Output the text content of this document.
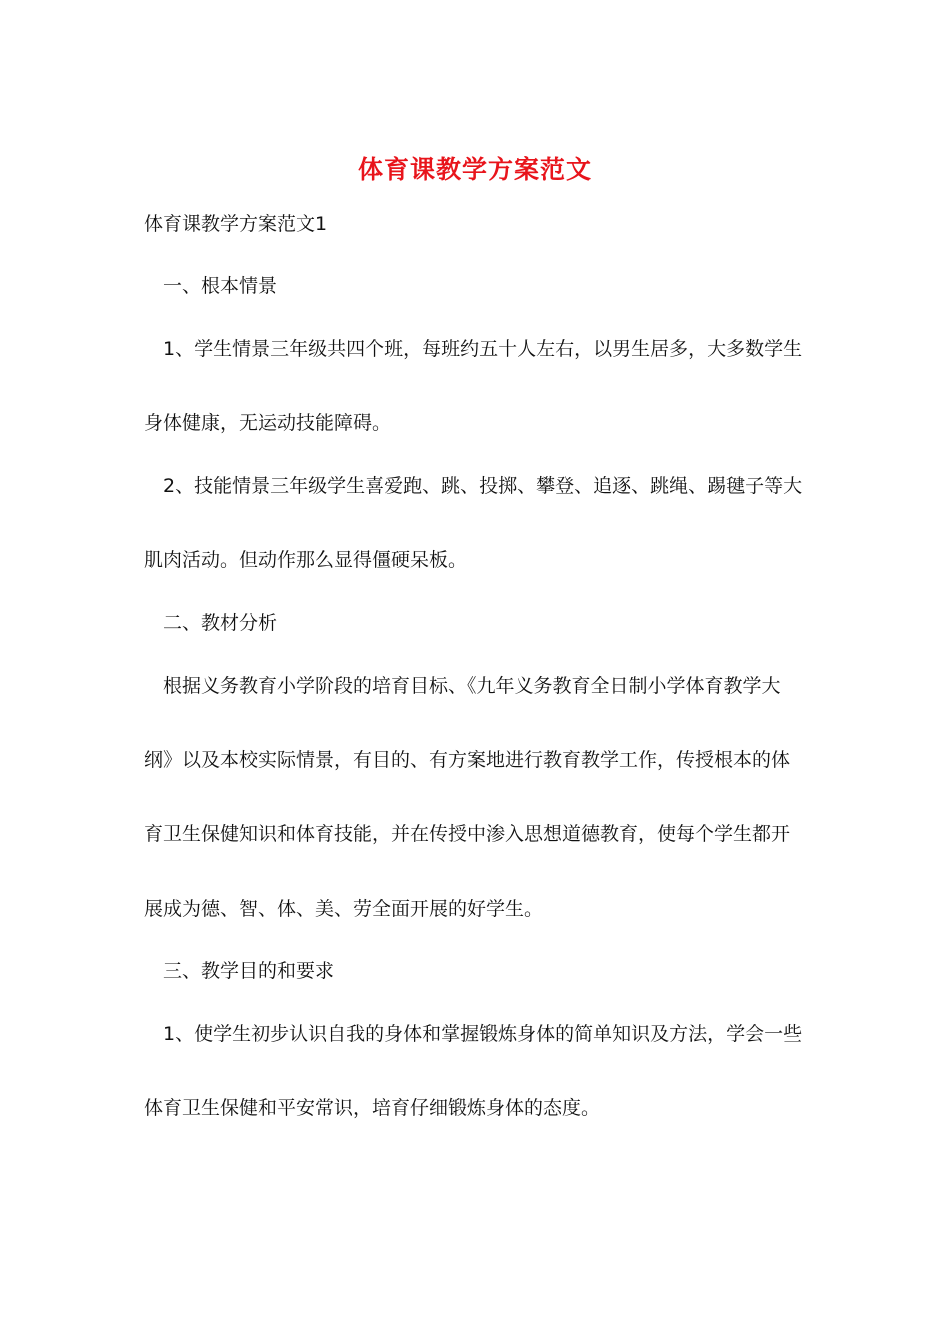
体育课教学方案范文
体育课教学方案范文1
一、根本情景
1、学生情景三年级共四个班，每班约五十人左右，以男生居多，大多数学生
身体健康，无运动技能障碍。
2、技能情景三年级学生喜爱跑、跳、投掷、攀登、追逐、跳绳、踢毽子等大
肌肉活动。但动作那么显得僵硬呆板。
二、教材分析
根据义务教育小学阶段的培育目标、《九年义务教育全日制小学体育教学大
纲》以及本校实际情景，有目的、有方案地进行教育教学工作，传授根本的体
育卫生保健知识和体育技能，并在传授中渗入思想道德教育，使每个学生都开
展成为德、智、体、美、劳全面开展的好学生。
三、教学目的和要求
1、使学生初步认识自我的身体和掌握锻炼身体的简单知识及方法，学会一些
体育卫生保健和平安常识，培育仔细锻炼身体的态度。
